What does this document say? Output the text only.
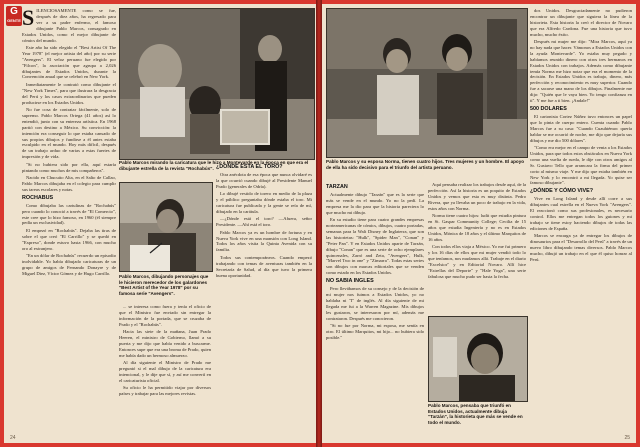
G
GENTE SILENCIOSAMENTE como se fue, después de diez años, ha regresado para ver a su padre enfermo, el famoso dibujante Pablo Marcos, consagrado en Estados Unidos, como el mejor dibujante de cómics del mundo.

Este año ha sido elegido el "Best Artist Of The Year 1978" (el mejor artista del año) por su serie "Avengers". El veloz peruano fue elegido por "Filcon", la asociación que agrupa a 2,026 dibujantes de Estados Unidos, durante la Convención anual que se celebró en New York.

Inmediatamente le contrató como dibujante el "New York Times", para que ilustrara la desgracia del Perú y los casos extraordinarios que pueden producirse en los Estados Unidos.

No fue cosa de contratar fácilmente, solo de supremo. Pablo Marcos Ortega (41 años) así lo entendió, junto con su entereza artística. En 1968 partió con destino a México. Su convicción: la intención era conseguir lo que estaba cansado de sus propios dibujos y fundirse a él antes estaba esculpido en el mundo. Hoy más difícil, después de un trabajo arduo de varias a estas fuertes de impresión y de vida.

"Si no hubiera sido por ella, aquí estaría pintando como muchos de mis compañeros".

Nacido en Chucuito Alta, en el Salto de Callao, Pablo Marcos dibujaba en el colegio para cumplir sus tareas escolares y notas.

ROCHABUS

Como dibujaba las cartulinas de "Rochabús" pero cuando lo conoció a través de "El Comercio", este cree que lo hizo famoso, en 1960 (él siempre pedía un exclusividad).

El empezó en "Rochabús". Dejaba las tiras de sobre el que creó "El Carrillo" y se quedó en "Expreso", donde estuvo hasta 1966, con mucho oro al extranjero.

"En un dólar de Rochabús" recuerdo un episodio inolvidable. Yo había dibujado caricaturas de un grupo de amigos de Fernando Donayre y de Miguel Diez, Víctor Gómez y de Hugo Carrillo.

Pablo Marcos mirando la caricatura que le hizo a Montevarde en la época en que era el dibujante estrella de la revista "Rochabús".
Pablo Marcos, dibujando personajes que le hicieron merecedor de los galardones "Best Artist of the Year 1978" por su famosa serie "Avengers".
¿DONDE ESTA EL TORO?

Otra anécdota de esa época que nunca olvidaré es la que ocurrió cuando dibujé al Presidente Manuel Prado (generales de Odría).

Lo dibujé vestido de torero en medio de la plaza y el público preguntaba dónde estaba el toro. Mi caricatura fue publicada y la gente se reía de mí, dibujado en la carátula.

—¿Dónde está el toro? —Afuera, señor Presidente. —Ahí está el toro.

Pablo Marcos ya es un hombre de fortuna y en Nueva York vive en una mansión con Long Island. Todos los años visita la Quinta Avenida con su familia.

Todos sus contemporáneos. Cuando empezó trabajando con temas de aventuras también en la Secretaría de Salud, al día que tuvo la primera buena oportunidad.

... se interesa como fuera y tenía el oficio de que el Ministro fue enviado sin entregar la información de la portada, que se cruzaba de Prado y el "Rochabús".

Hacia las siete de la mañana, Juan Prado Heeren, el ministro de Gobierno, llamó a su puerta y me dijo que había venido a buscarme. Entonces supe que era una broma de Prado, quien me había dado un hermoso almuerzo.

Al día siguiente el Ministro de Prado me preguntó si el mal dibujo de la caricatura era intencional, y le dije que sí, y así me convertí en el caricaturista oficial.

Su oficio le ha permitido viajar por diversos países y trabajar para las mejores revistas.

24
Pablo Marcos y su esposa Norma, tienen cuatro hijos. Tres mujeres y un hombre. El apoyo de ella ha sido decisivo para el triunfo del artista peruano.
TARZAN

Actualmente dibujo "Tarzán" que es la serie que más se vende en el mundo. Yo no la pedí. La empresa me la dio para que la historia pareciera lo que mucho mi dibujo.

En su estudio tiene para cuatro grandes empresas norteamericanas de cómics, dibujos, cuatro portadas, semanas para la Walt Disney de Inglaterra, que son las historietas: "Hulk", "Spider Man", "Conan" y "Peter Pan". Y en Estados Unidos aparte de Tarzán, dibujo "Conan" que es una serie de ocho ejemplares quincenales, Zarró and Zeta, "Avengers", Hulk, "Marvel Two in one" y "Zimarra". Todas estas series son dibujos con marcas editoriales que se venden como estado en los Estados Unidos.

NO SABIA INGLES

Pero llevábamos de su consejo y de la decisión de mi mujer nos fuimos a Estados Unidos, yo no hablaba ni "I" de inglés. Al día siguiente de mi llegada me fui a la Warren Magazine. Mis dibujos les gustaron, se interesaron por mí, además me contrataron. Después me conocieron.

"Si no fue por Norma, mi esposa, me sentía en otro. El último Marquitos, mi hijo... no hubiera sido posible."

Aquí pensaba realizar los trabajos desde aquí, de la perfección. Así la historia es un poquito de Estados Unidos y vemos que esta es muy distinta. Pedro Rivera, que ya llevaba un poco de trabajo en la vida, estos años con Norma.

Norma tiene cuatro hijos: ludit que estudia pintura en St. Gaspar Community College; Cecilia de 15 años que estudia Ingeniería y no es en Estados Unidos, Mónica de 18 años y el último Marquitos de 16 años.

Con todos ellos viaja a México. Yo me fui primero y los 16 días de ellos que mi mujer vendió todo lo que teníamos, nos mudamos allá. Trabaje en el diario "Excelsior" y en Editorial Novaro. Allí hice "Estrellas del Deporte" y "Hale Yoga", una serie fabulosa que mucho pudo ser hasta la fecha.

Pablo Marcos, pensaba que triunfó en Estados Unidos, actualmente dibuja "Tarzán", la historieta que más se vende en todo el mundo.

dos Unidos. Desgraciadamente no pudieron encontrar un dibujante que siguiera la línea de la historieta. Esta historia la creó el director de Novaro que era Alfredo Cardona. Fue una historia que tuvo mucho, mucho éxito.

Después mi mujer me dijo: "Mira Marcos, aquí ya no hay nada que hacer. Vámonos a Estados Unidos con la ayuda Montevarde". Yo estaba muy pegado y habíamos reunido dinero con otros tres hermanos en Estados Unidos con trabajos. Además como dibujante temía Norma me hizo notar que era el momento de la decisión. En Estados Unidos es trabajo, dinero, más perfección y reconocimiento es muy superior. Cuando fue a sacarse una mano de los dibujos. Finalmente me dijo: "Quién que le vaya bien. Yo tengo confianza en ti". Y me fue a ti bien. ¡Andale!"

500 DOLARES

El cartonista Cortez Núñez tuvo entonces un papel que lo pinta de cuerpo entero. Cuenta cuando Pablo Marcos fue a su casa: "Cuando Cuauhtémoc quería hablar se me ocurrió de noche, me dijo que dejaría sus dibujos y me dio 500 dólares".

"Como era mejor en el campo de venta a los Estados Unidos, para que todos estos obstáculos en Nueva York como una vuelta de rueda, le dije con otros amigos al Sr. Gustavo Tello que arrancara la firma del primer corto al mismo viaje. Y me dijo que estaba también en New York y lo encontró a mi llegada. Yo quise ser famoso dibujante".

¿DÓNDE Y CÓMO VIVE?

Vive en Long Island y desde allí corre a sus dibujantes cual estrella en el Nueva York "Avengers". El reaccionó como sus profesionales, es necesario control. Ellos me entregan todos los guiones y mi trabajo se tiene estoy haciendo dibujos de todas las ediciones de España.

Marcos se encarga ya de entregar los dibujos de dinosaurios para el "Desarrollo del Perú" a través de un nuevo libro dibujando temas diversos. Pablo Marcos mucho, dibujó un trabajo en el que él quiso honrar al Perú.

25
